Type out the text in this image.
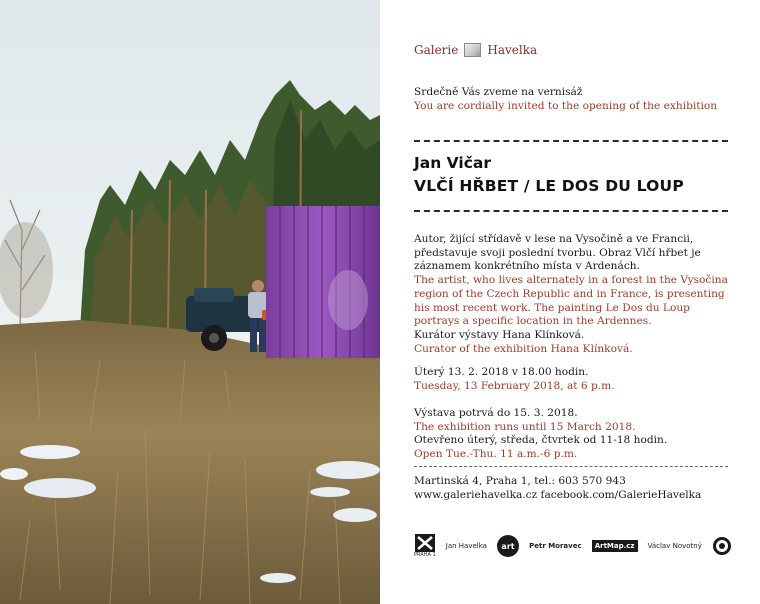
Galerie Havelka
Srdečně Vás zveme na vernisáž
You are cordially invited to the opening of the exhibition
Jan Vičar
VLČÍ HŘBET / LE DOS DU LOUP
Autor, žijící střídavě v lese na Vysočině a ve Francii,
představuje svoji poslední tvorbu. Obraz Vlčí hřbet je
záznamem konkrétního místa v Ardenách.
The artist, who lives alternately in a forest in the Vysočina
region of the Czech Republic and in France, is presenting
his most recent work. The painting Le Dos du Loup
portrays a specific location in the Ardennes.
Kurátor výstavy Hana Klínková.
Curator of the exhibition Hana Klínková.
Úterý 13. 2. 2018 v 18.00 hodin.
Tuesday, 13 February 2018, at 6 p.m.
Výstava potrvá do 15. 3. 2018.
The exhibition runs until 15 March 2018.
Otevřeno úterý, středa, čtvrtek od 11-18 hodin.
Open Tue.-Thu. 11 a.m.-6 p.m.
Martinská 4, Praha 1, tel.: 603 570 943
www.galeriehavelka.cz facebook.com/GalerieHavelka
PRAHA 1
Jan Havelka art Petr Moravec	ArtMap.cz	Václav Novotný
